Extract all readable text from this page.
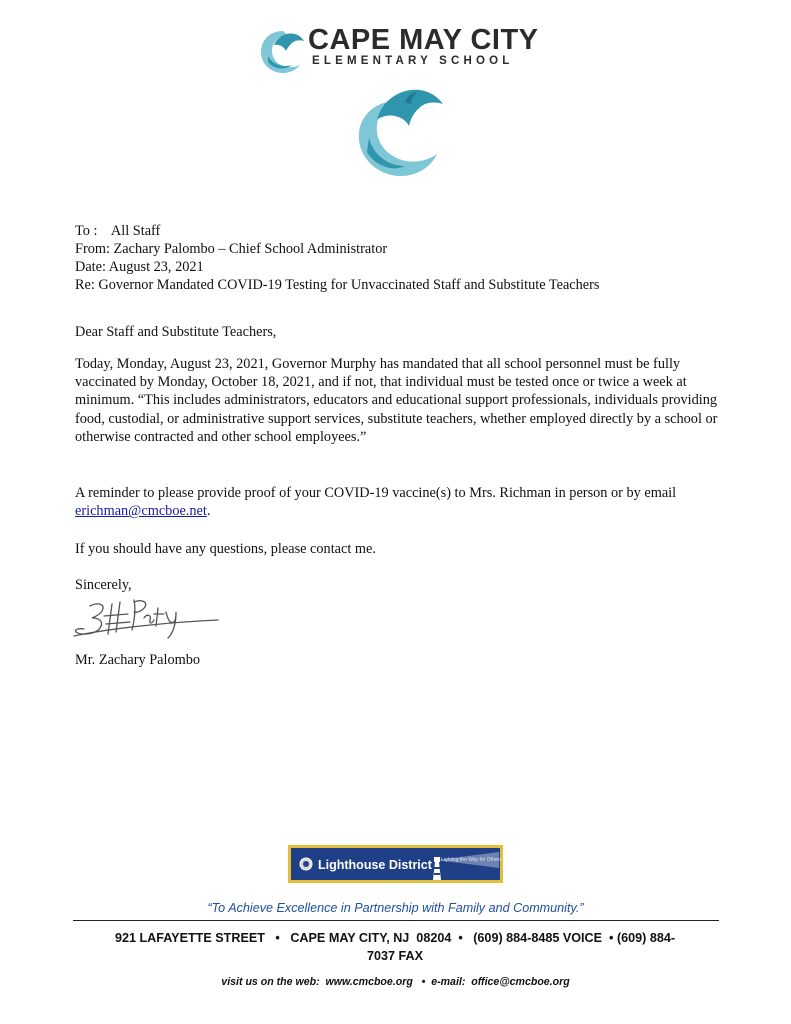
CAPE MAY CITY
ELEMENTARY SCHOOL
To :    All Staff
From: Zachary Palombo – Chief School Administrator
Date: August 23, 2021
Re: Governor Mandated COVID-19 Testing for Unvaccinated Staff and Substitute Teachers
Dear Staff and Substitute Teachers,
Today, Monday, August 23, 2021, Governor Murphy has mandated that all school personnel must be fully vaccinated by Monday, October 18, 2021, and if not, that individual must be tested once or twice a week at minimum. “This includes administrators, educators and educational support professionals, individuals providing food, custodial, or administrative support services, substitute teachers, whether employed directly by a school or otherwise contracted and other school employees.”
A reminder to please provide proof of your COVID-19 vaccine(s) to Mrs. Richman in person or by email erichman@cmcboe.net.
If you should have any questions, please contact me.
Sincerely,
Mr. Zachary Palombo
Lighthouse District Lighting the Way for Others
“To Achieve Excellence in Partnership with Family and Community.”
921 LAFAYETTE STREET   •   CAPE MAY CITY, NJ  08204  •   (609) 884-8485 VOICE  • (609) 884-
7037 FAX
visit us on the web:  www.cmcboe.org   •  e-mail:  office@cmcboe.org
